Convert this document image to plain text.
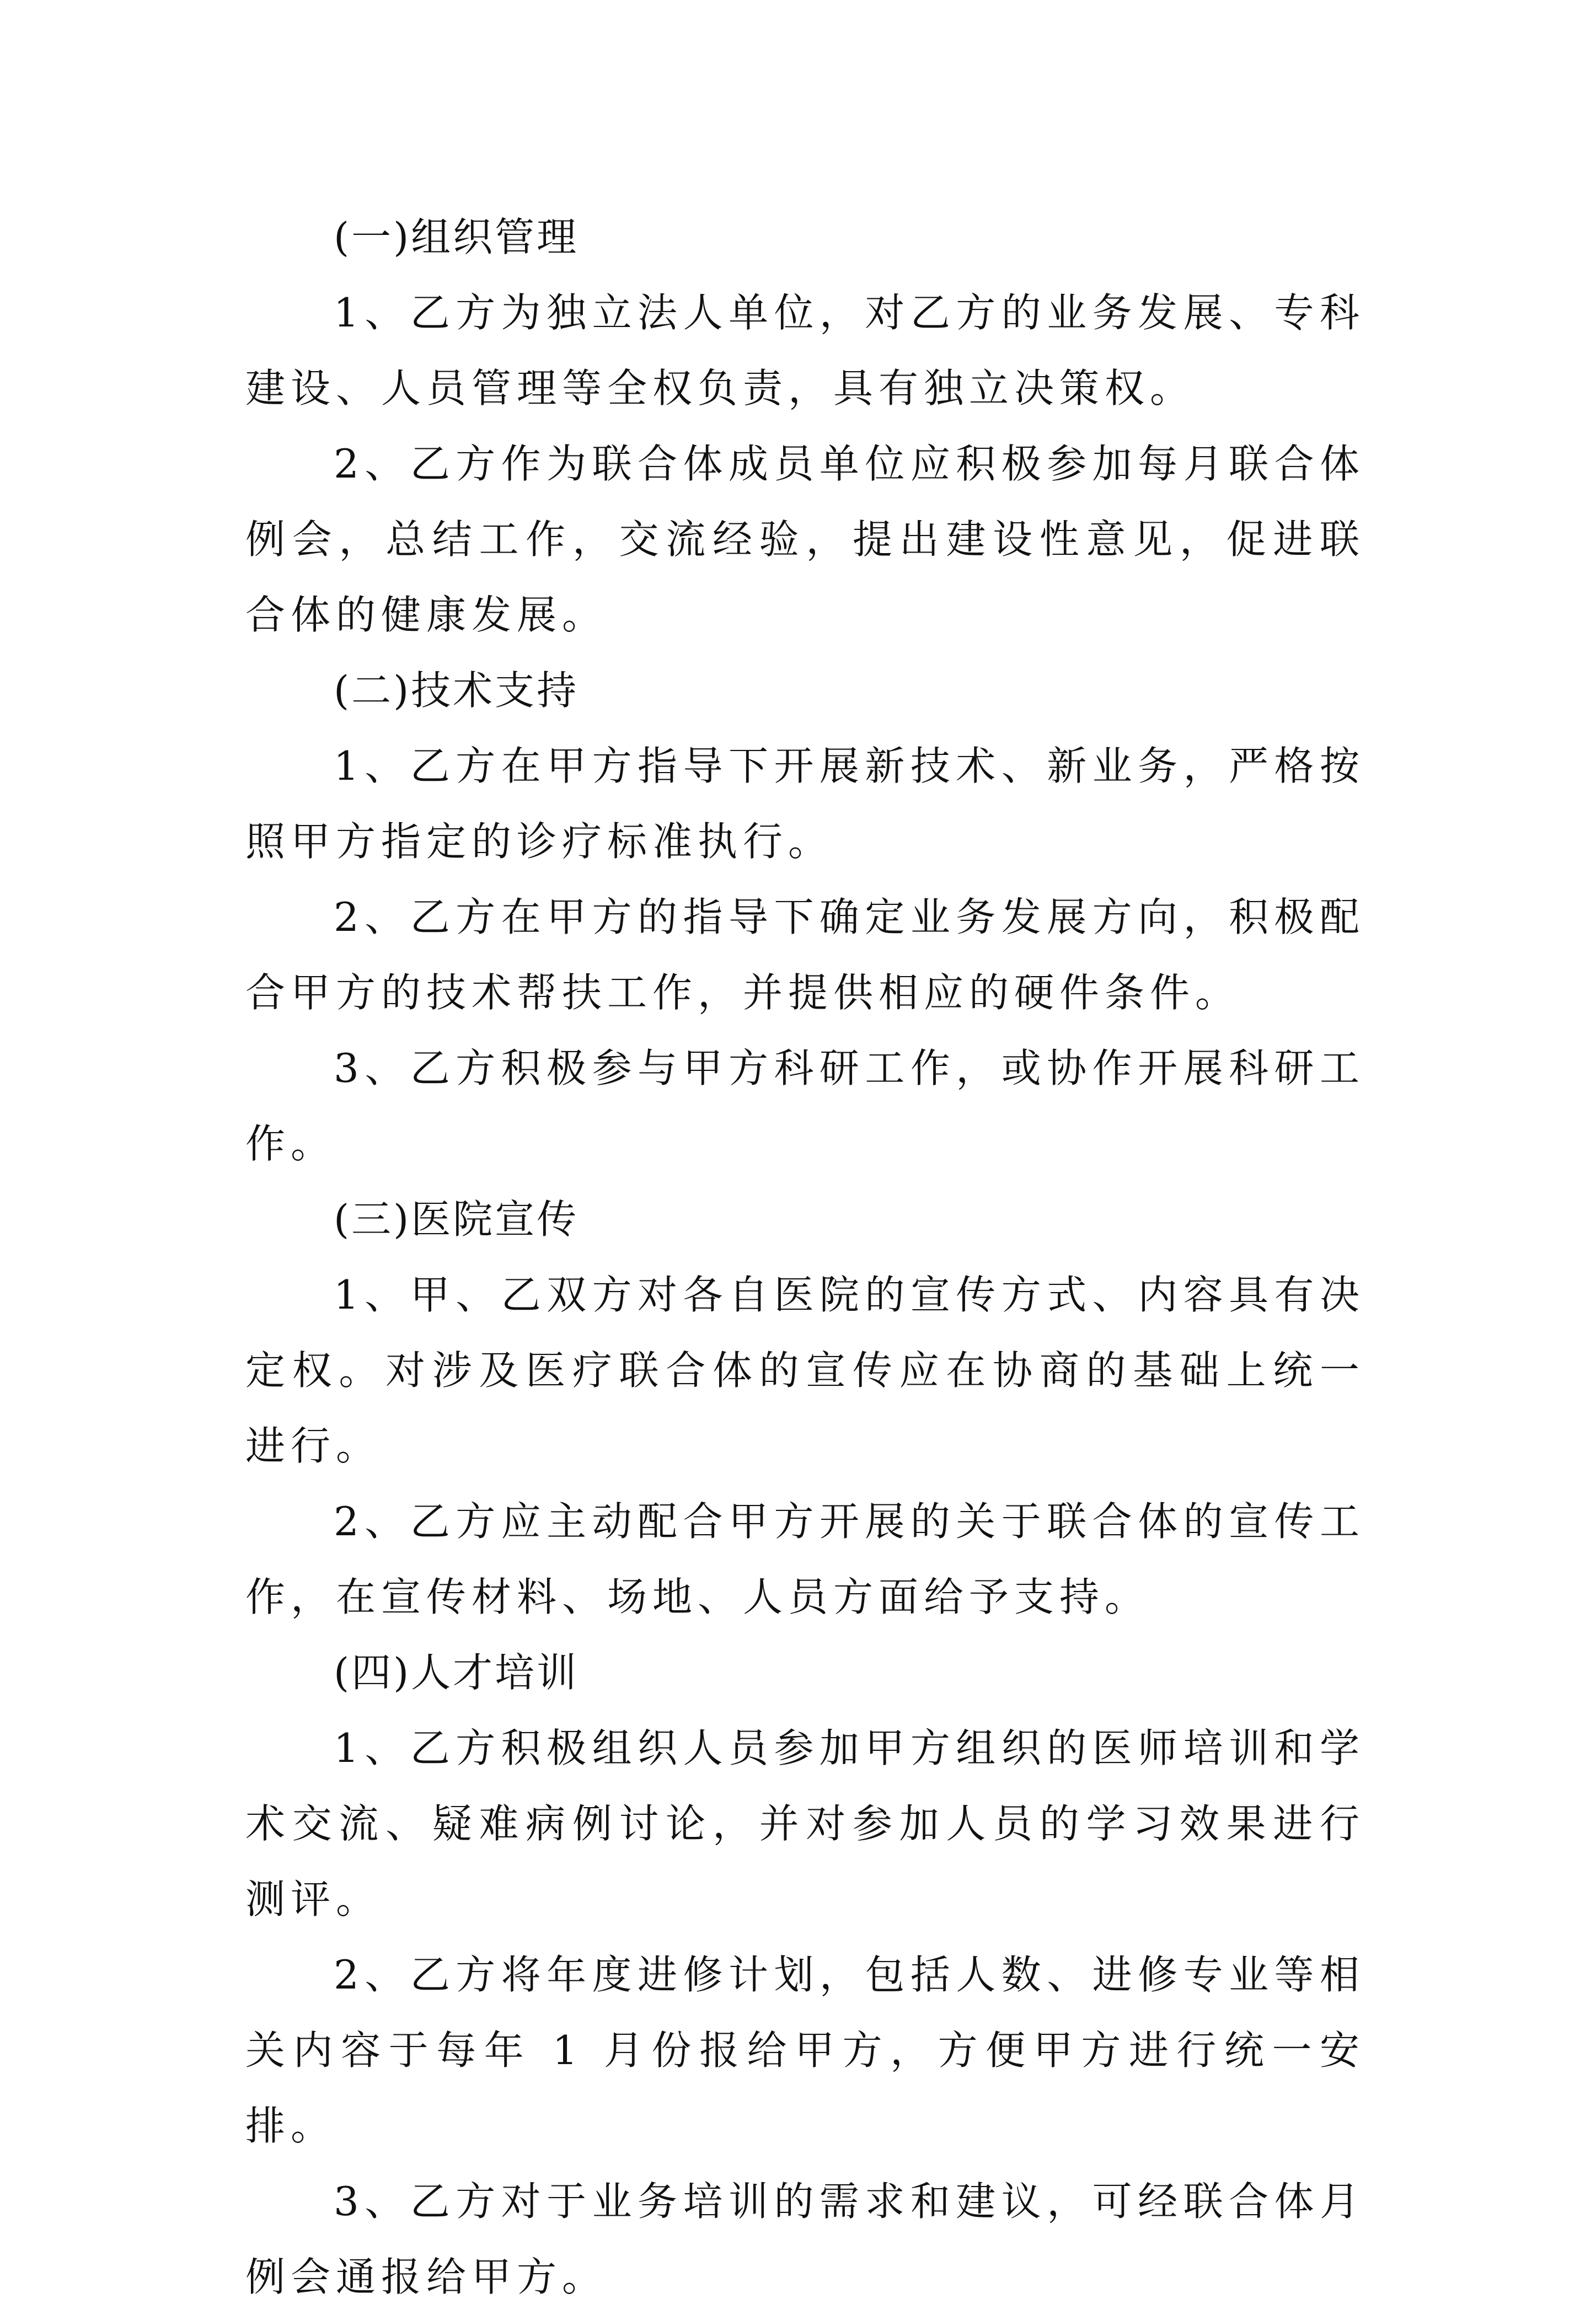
(一)组织管理

1、乙方为独立法人单位，对乙方的业务发展、专科建设、人员管理等全权负责，具有独立决策权。

2、乙方作为联合体成员单位应积极参加每月联合体例会，总结工作，交流经验，提出建设性意见，促进联合体的健康发展。

(二)技术支持

1、乙方在甲方指导下开展新技术、新业务，严格按照甲方指定的诊疗标准执行。

2、乙方在甲方的指导下确定业务发展方向，积极配合甲方的技术帮扶工作，并提供相应的硬件条件。

3、乙方积极参与甲方科研工作，或协作开展科研工作。

(三)医院宣传

1、甲、乙双方对各自医院的宣传方式、内容具有决定权。对涉及医疗联合体的宣传应在协商的基础上统一进行。

2、乙方应主动配合甲方开展的关于联合体的宣传工作，在宣传材料、场地、人员方面给予支持。

(四)人才培训

1、乙方积极组织人员参加甲方组织的医师培训和学术交流、疑难病例讨论，并对参加人员的学习效果进行测评。

2、乙方将年度进修计划，包括人数、进修专业等相关内容于每年 1 月份报给甲方，方便甲方进行统一安排。

3、乙方对于业务培训的需求和建议，可经联合体月例会通报给甲方。
